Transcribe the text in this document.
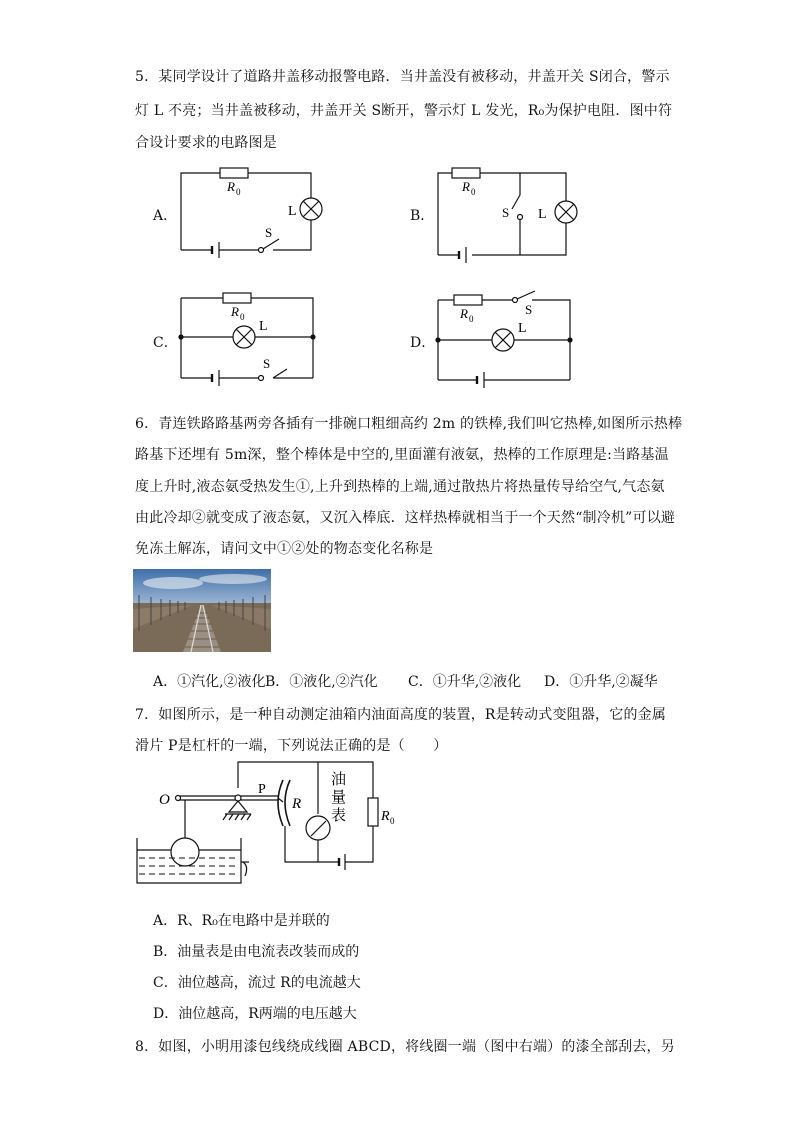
5．某同学设计了道路井盖移动报警电路．当井盖没有被移动，井盖开关 S闭合，警示
灯 L 不亮；当井盖被移动，井盖开关 S断开，警示灯 L 发光，R₀为保护电阻．图中符
合设计要求的电路图是
A．	B．
C．	D．
R 0
L
S
R 0
S L
R 0
L
S
R 0
S
L
6．青连铁路路基两旁各插有一排碗口粗细高约 2m 的铁棒,我们叫它热棒,如图所示热棒
路基下还埋有 5m深，整个棒体是中空的,里面灌有液氨，热棒的工作原理是:当路基温
度上升时,液态氨受热发生①,上升到热棒的上端,通过散热片将热量传导给空气,气态氨
由此冷却②就变成了液态氨，又沉入棒底．这样热棒就相当于一个天然“制冷机”可以避
免冻土解冻，请问文中①②处的物态变化名称是
A．①汽化,②液化 B．①液化,②汽化 C．①升华,②液化 D．①升华,②凝华
7．如图所示，是一种自动测定油箱内油面高度的装置，R是转动式变阻器，它的金属
滑片 P是杠杆的一端，下列说法正确的是（　　）
O
P
R
油
量
表 R 0
A．R、R₀在电路中是并联的
B．油量表是由电流表改装而成的
C．油位越高，流过 R的电流越大
D．油位越高，R两端的电压越大
8．如图，小明用漆包线绕成线圈 ABCD，将线圈一端（图中右端）的漆全部刮去，另
